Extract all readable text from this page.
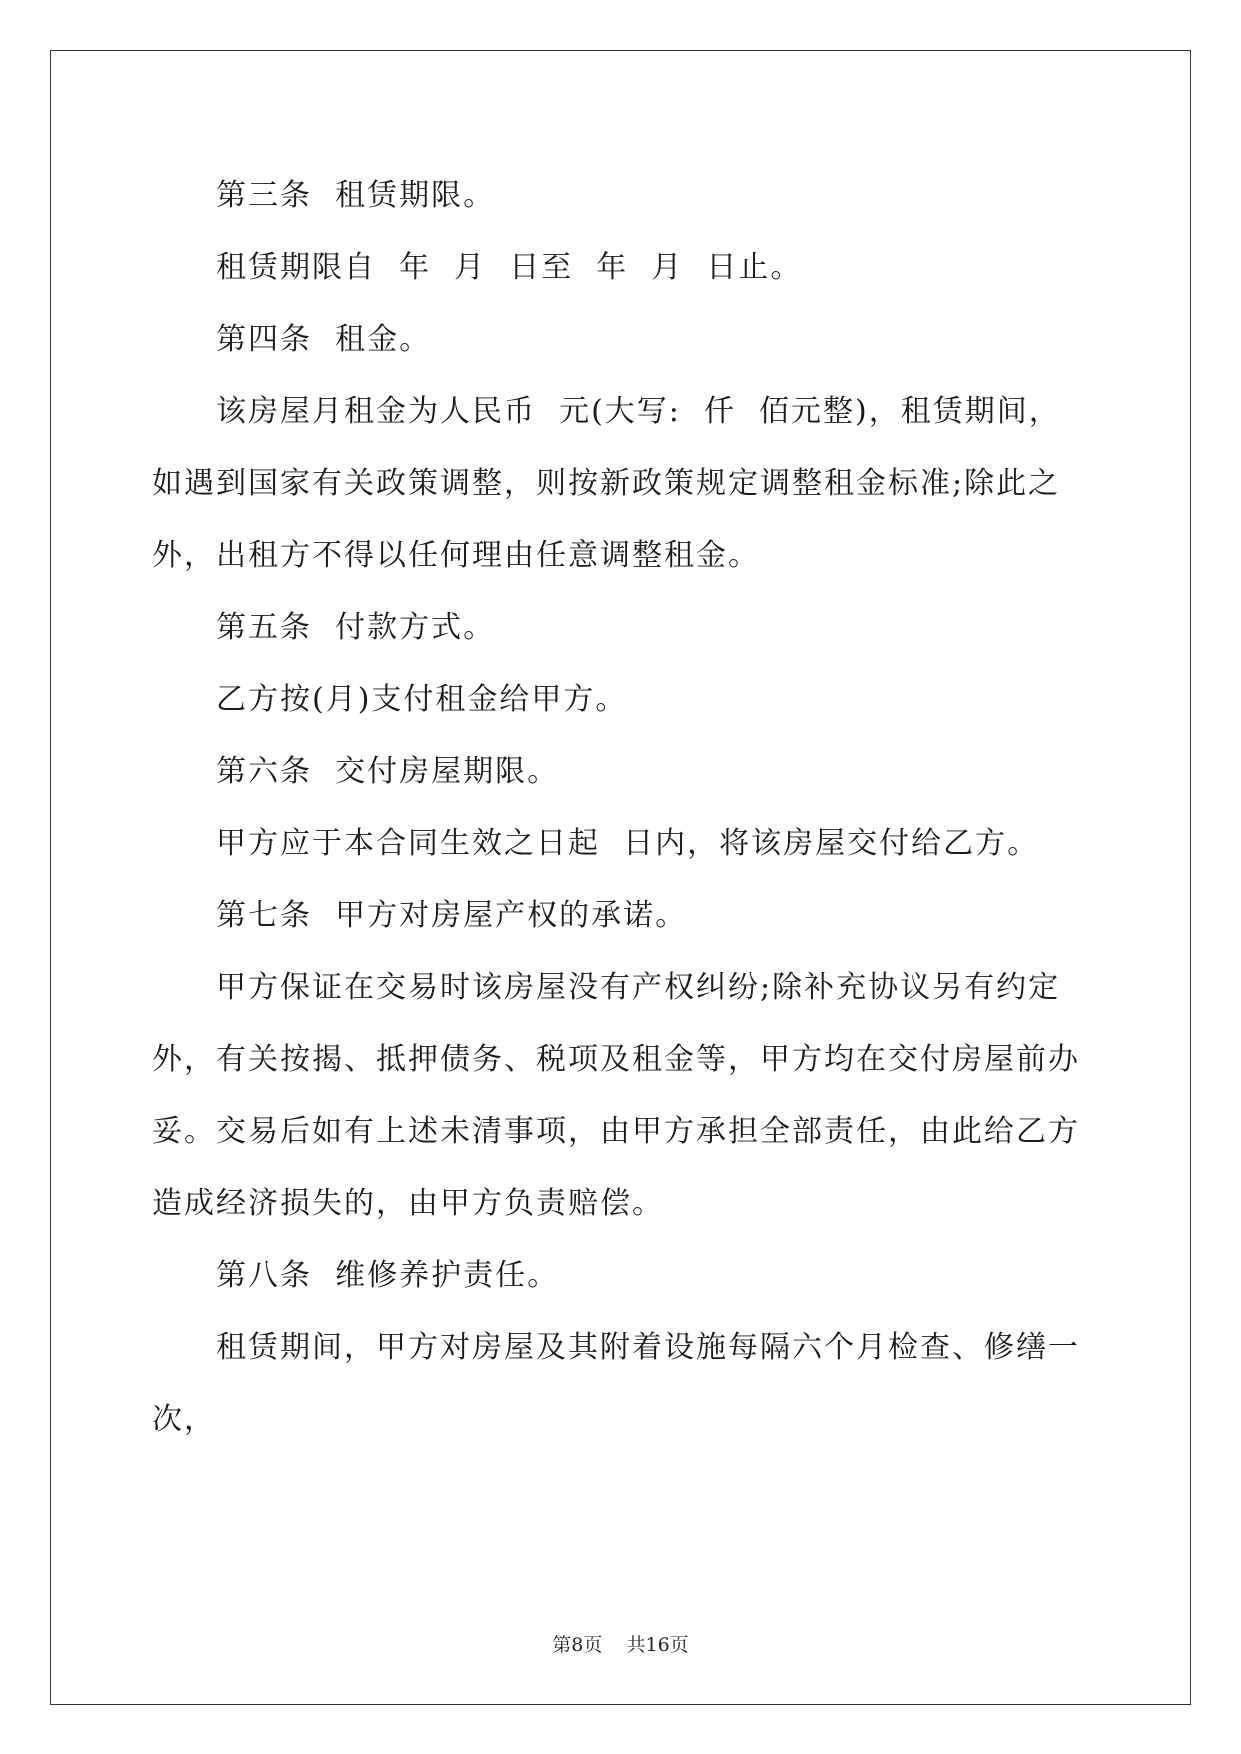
第三条  租赁期限。

租赁期限自  年  月  日至  年  月  日止。

第四条  租金。

该房屋月租金为人民币  元(大写:  仟  佰元整)，租赁期间，如遇到国家有关政策调整，则按新政策规定调整租金标准;除此之外，出租方不得以任何理由任意调整租金。

第五条  付款方式。

乙方按(月)支付租金给甲方。

第六条  交付房屋期限。

甲方应于本合同生效之日起  日内，将该房屋交付给乙方。

第七条  甲方对房屋产权的承诺。

甲方保证在交易时该房屋没有产权纠纷;除补充协议另有约定外，有关按揭、抵押债务、税项及租金等，甲方均在交付房屋前办妥。交易后如有上述未清事项，由甲方承担全部责任，由此给乙方造成经济损失的，由甲方负责赔偿。

第八条  维修养护责任。

租赁期间，甲方对房屋及其附着设施每隔六个月检查、修缮一次，

第8页    共16页
